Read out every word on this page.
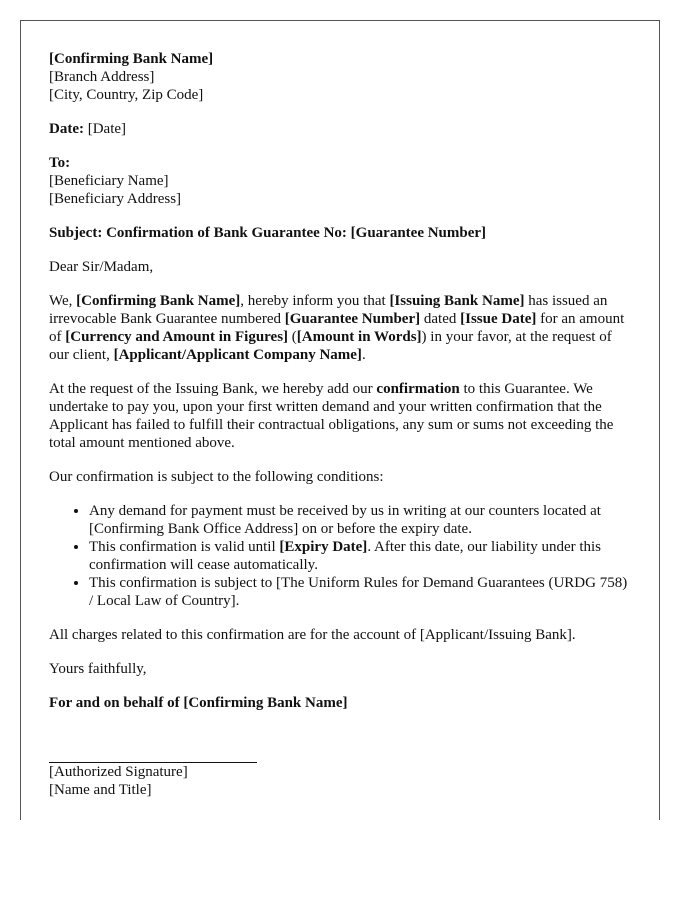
[Confirming Bank Name]
[Branch Address]
[City, Country, Zip Code]
Date: [Date]
To:
[Beneficiary Name]
[Beneficiary Address]
Subject: Confirmation of Bank Guarantee No: [Guarantee Number]

Dear Sir/Madam,

We, [Confirming Bank Name], hereby inform you that [Issuing Bank Name] has issued an irrevocable Bank Guarantee numbered [Guarantee Number] dated [Issue Date] for an amount of [Currency and Amount in Figures] ([Amount in Words]) in your favor, at the request of our client, [Applicant/Applicant Company Name].

At the request of the Issuing Bank, we hereby add our confirmation to this Guarantee. We undertake to pay you, upon your first written demand and your written confirmation that the Applicant has failed to fulfill their contractual obligations, any sum or sums not exceeding the total amount mentioned above.

Our confirmation is subject to the following conditions:

• Any demand for payment must be received by us in writing at our counters located at [Confirming Bank Office Address] on or before the expiry date.
• This confirmation is valid until [Expiry Date]. After this date, our liability under this confirmation will cease automatically.
• This confirmation is subject to [The Uniform Rules for Demand Guarantees (URDG 758) / Local Law of Country].

All charges related to this confirmation are for the account of [Applicant/Issuing Bank].

Yours faithfully,

For and on behalf of [Confirming Bank Name]
[Authorized Signature]
[Name and Title]
